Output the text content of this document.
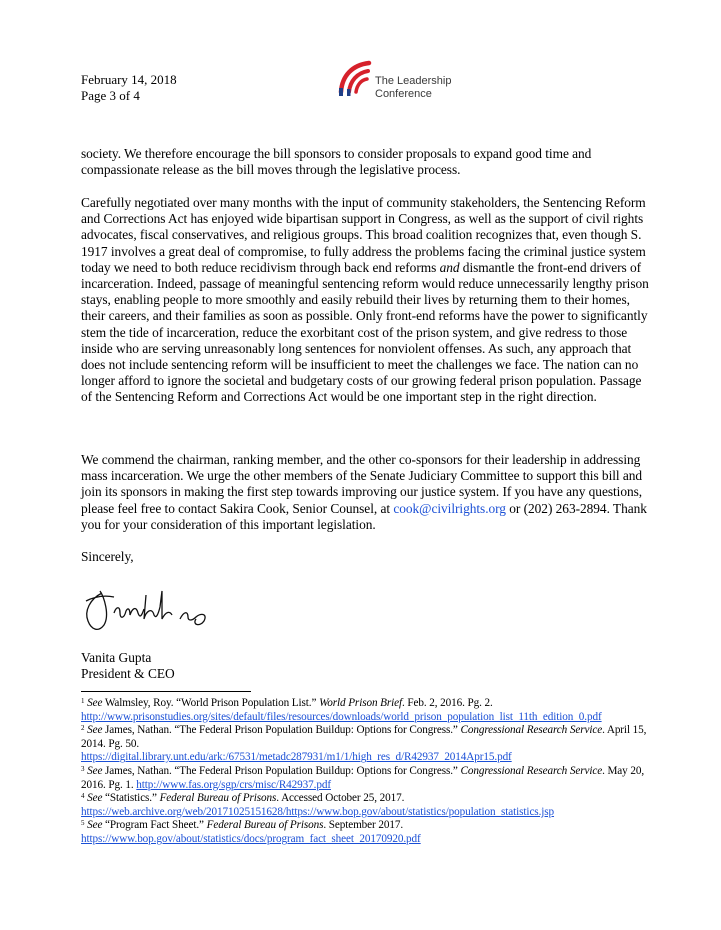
February 14, 2018
Page 3 of 4
The Leadership
Conference

society. We therefore encourage the bill sponsors to consider proposals to expand good time and compassionate release as the bill moves through the legislative process.

Carefully negotiated over many months with the input of community stakeholders, the Sentencing Reform and Corrections Act has enjoyed wide bipartisan support in Congress, as well as the support of civil rights advocates, fiscal conservatives, and religious groups. This broad coalition recognizes that, even though S. 1917 involves a great deal of compromise, to fully address the problems facing the criminal justice system today we need to both reduce recidivism through back end reforms and dismantle the front-end drivers of incarceration. Indeed, passage of meaningful sentencing reform would reduce unnecessarily lengthy prison stays, enabling people to more smoothly and easily rebuild their lives by returning them to their homes, their careers, and their families as soon as possible. Only front-end reforms have the power to significantly stem the tide of incarceration, reduce the exorbitant cost of the prison system, and give redress to those inside who are serving unreasonably long sentences for nonviolent offenses. As such, any approach that does not include sentencing reform will be insufficient to meet the challenges we face. The nation can no longer afford to ignore the societal and budgetary costs of our growing federal prison population. Passage of the Sentencing Reform and Corrections Act would be one important step in the right direction.

We commend the chairman, ranking member, and the other co-sponsors for their leadership in addressing mass incarceration. We urge the other members of the Senate Judiciary Committee to support this bill and join its sponsors in making the first step towards improving our justice system. If you have any questions, please feel free to contact Sakira Cook, Senior Counsel, at cook@civilrights.org or (202) 263-2894. Thank you for your consideration of this important legislation.

Sincerely,
Vanita Gupta
President & CEO

$^1$ See Walmsley, Roy. “World Prison Population List.” World Prison Brief. Feb. 2, 2016. Pg. 2.
http://www.prisonstudies.org/sites/default/files/resources/downloads/world_prison_population_list_11th_edition_0.pdf

$^2$ See James, Nathan. “The Federal Prison Population Buildup: Options for Congress.” Congressional Research Service. April 15, 2014. Pg. 50.
https://digital.library.unt.edu/ark:/67531/metadc287931/m1/1/high_res_d/R42937_2014Apr15.pdf

$^3$ See James, Nathan. “The Federal Prison Population Buildup: Options for Congress.” Congressional Research Service. May 20, 2016. Pg. 1. http://www.fas.org/sgp/crs/misc/R42937.pdf

$^4$ See “Statistics.” Federal Bureau of Prisons. Accessed October 25, 2017.
https://web.archive.org/web/20171025151628/https://www.bop.gov/about/statistics/population_statistics.jsp

$^5$ See “Program Fact Sheet.” Federal Bureau of Prisons. September 2017.
https://www.bop.gov/about/statistics/docs/program_fact_sheet_20170920.pdf
